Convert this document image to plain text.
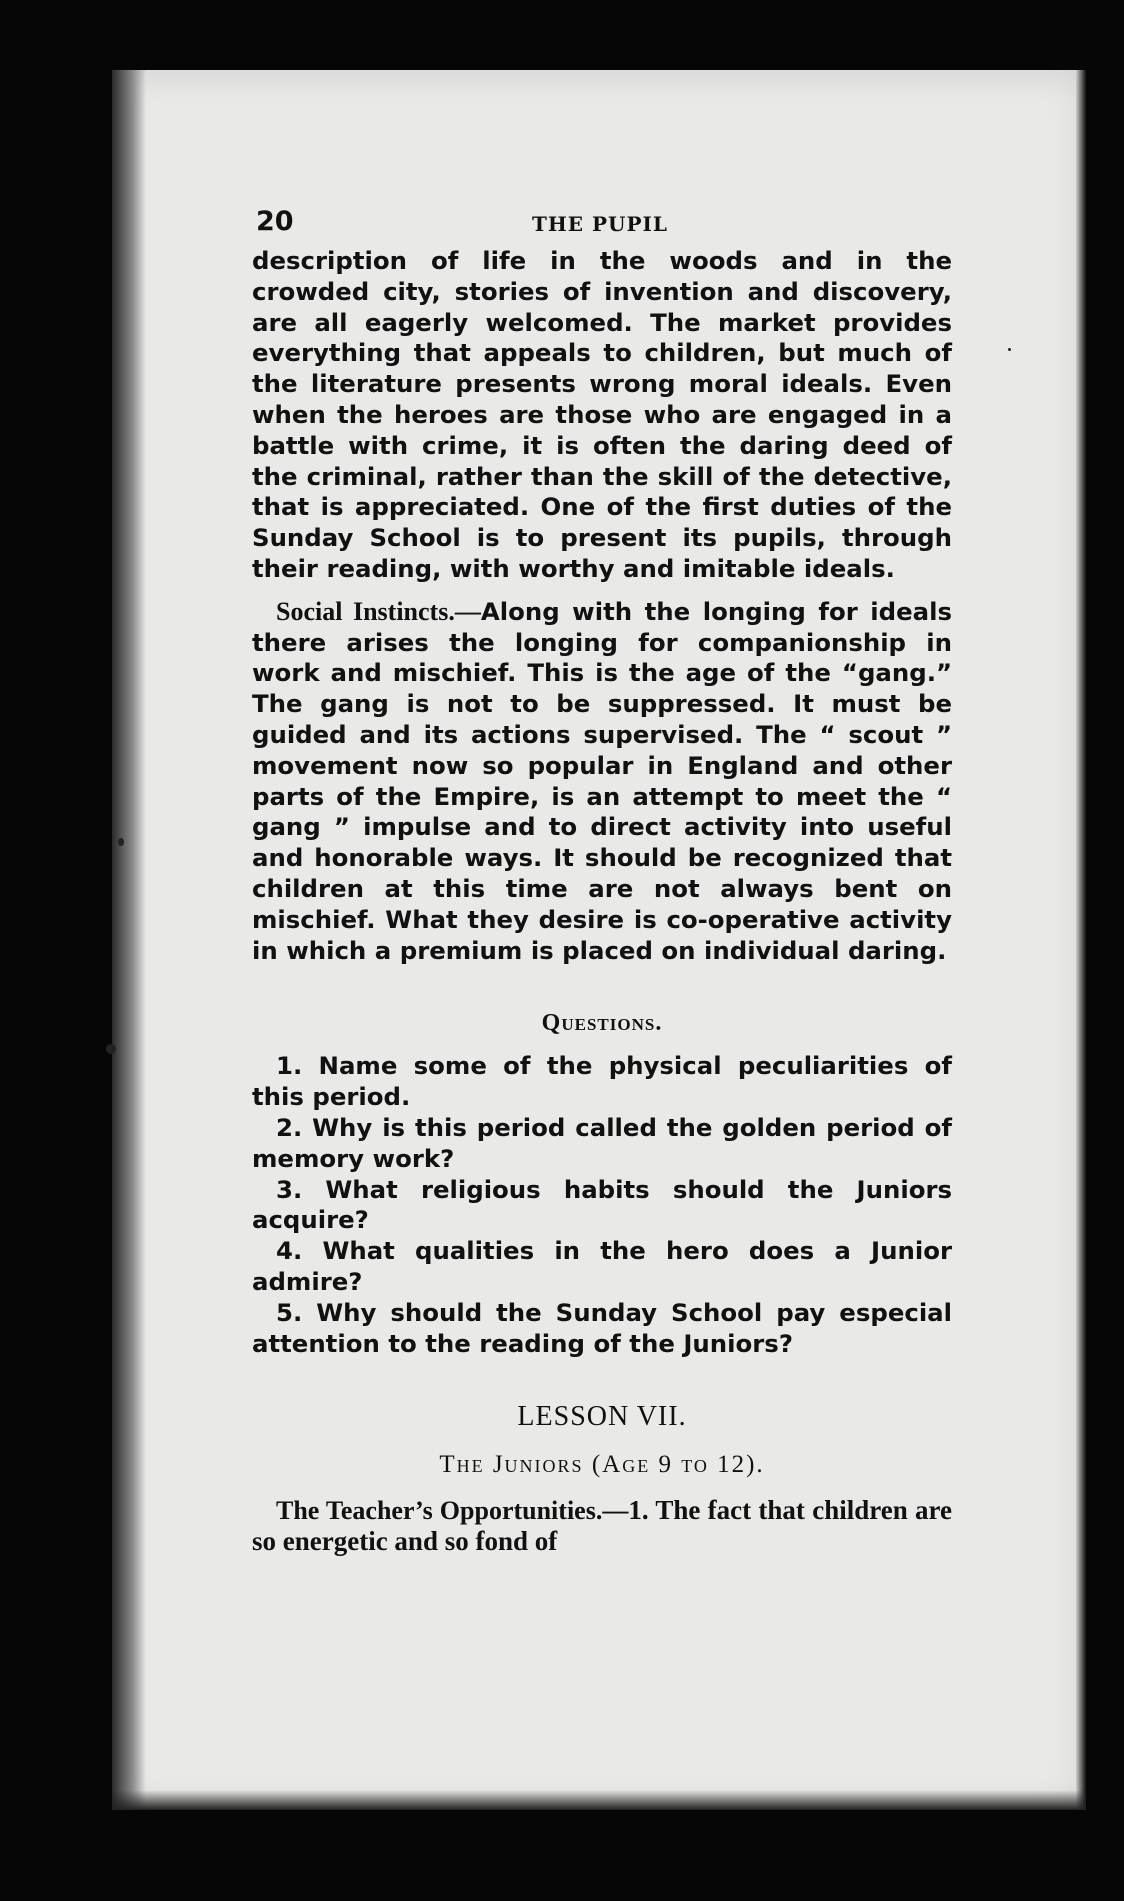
20	THE PUPIL

description of life in the woods and in the crowded city, stories of invention and discovery, are all eagerly welcomed. The market provides everything that appeals to children, but much of the literature presents wrong moral ideals. Even when the heroes are those who are engaged in a battle with crime, it is often the daring deed of the criminal, rather than the skill of the detective, that is appreciated. One of the first duties of the Sunday School is to present its pupils, through their reading, with worthy and imitable ideals.

Social Instincts.—Along with the longing for ideals there arises the longing for companionship in work and mischief. This is the age of the “gang.” The gang is not to be suppressed. It must be guided and its actions supervised. The “ scout ” movement now so popular in England and other parts of the Empire, is an attempt to meet the “ gang ” impulse and to direct activity into useful and honorable ways. It should be recognized that children at this time are not always bent on mischief. What they desire is co-operative activity in which a premium is placed on individual daring.

Questions.

1. Name some of the physical peculiarities of this period.

2. Why is this period called the golden period of memory work?

3. What religious habits should the Juniors acquire?

4. What qualities in the hero does a Junior admire?

5. Why should the Sunday School pay especial attention to the reading of the Juniors?

LESSON VII.
The Juniors (Age 9 to 12).

The Teacher’s Opportunities.—1. The fact that children are so energetic and so fond of
